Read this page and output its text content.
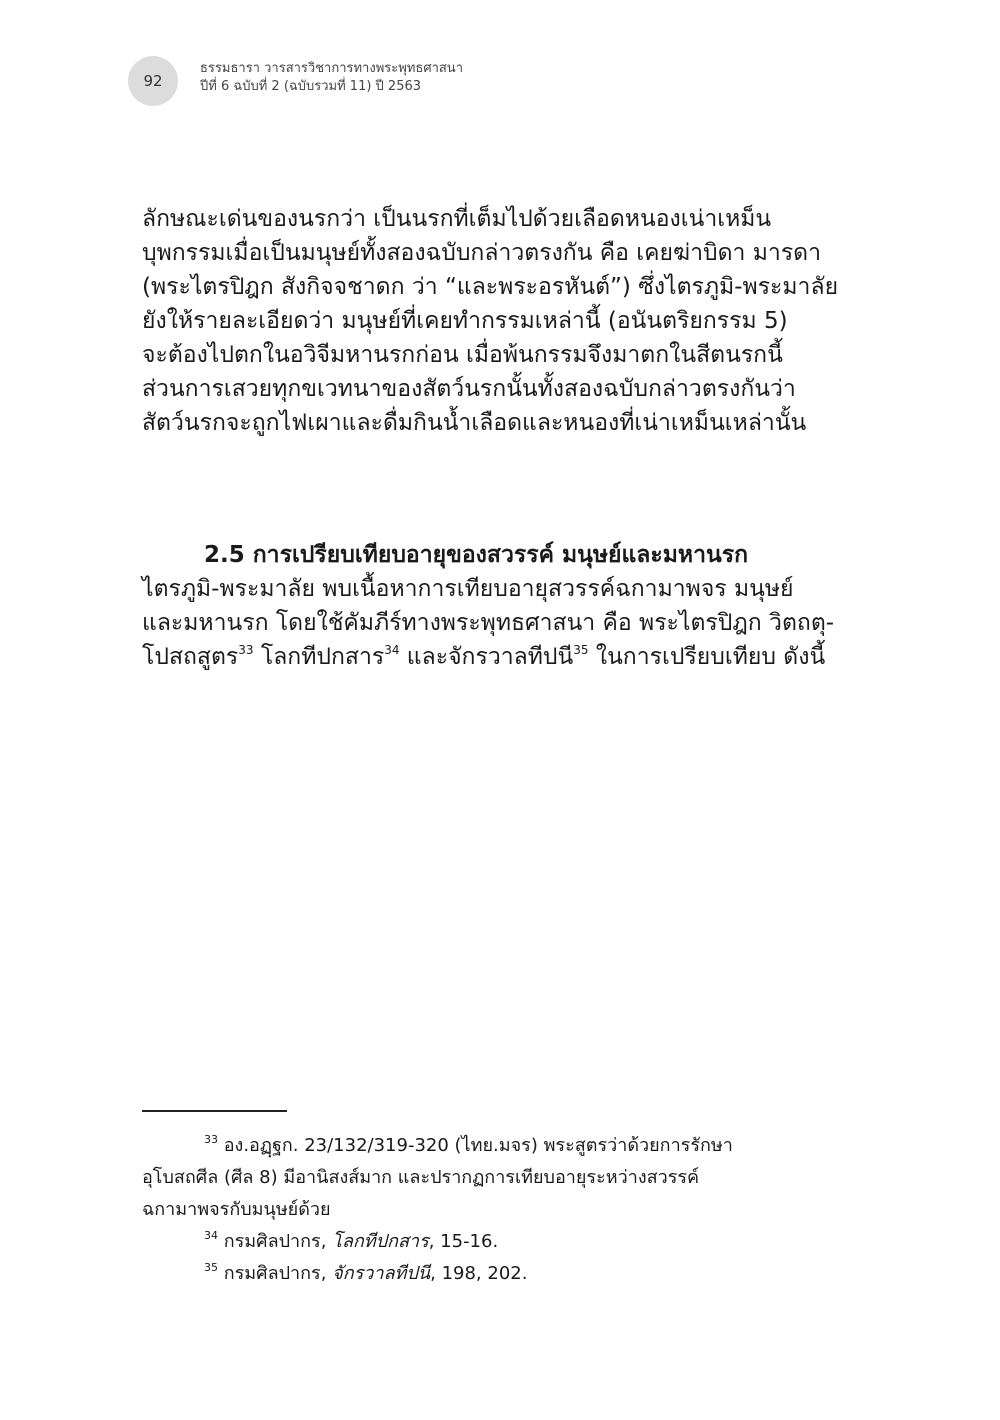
92
ธรรมธารา วารสารวิชาการทางพระพุทธศาสนา
ปีที่ 6 ฉบับที่ 2 (ฉบับรวมที่ 11) ปี 2563
ลักษณะเด่นของนรกว่า เป็นนรกที่เต็มไปด้วยเลือดหนองเน่าเหม็น
บุพกรรมเมื่อเป็นมนุษย์ทั้งสองฉบับกล่าวตรงกัน คือ เคยฆ่าบิดา มารดา
(พระไตรปิฎก สังกิจจชาดก ว่า “และพระอรหันต์”) ซึ่งไตรภูมิ-พระมาลัย
ยังให้รายละเอียดว่า มนุษย์ที่เคยทำกรรมเหล่านี้ (อนันตริยกรรม 5)
จะต้องไปตกในอวิจีมหานรกก่อน เมื่อพ้นกรรมจึงมาตกในสีตนรกนี้
ส่วนการเสวยทุกขเวทนาของสัตว์นรกนั้นทั้งสองฉบับกล่าวตรงกันว่า
สัตว์นรกจะถูกไฟเผาและดื่มกินน้ำเลือดและหนองที่เน่าเหม็นเหล่านั้น
2.5 การเปรียบเทียบอายุของสวรรค์ มนุษย์และมหานรก
ไตรภูมิ-พระมาลัย พบเนื้อหาการเทียบอายุสวรรค์ฉกามาพจร มนุษย์
และมหานรก โดยใช้คัมภีร์ทางพระพุทธศาสนา คือ พระไตรปิฎก วิตถตุ-
โปสถสูตร$^{33}$ โลกทีปกสาร$^{34}$ และจักรวาลทีปนี$^{35}$ ในการเปรียบเทียบ ดังนี้
$^{33}$ อง.อฏฺฐก. 23/132/319-320 (ไทย.มจร) พระสูตรว่าด้วยการรักษา
อุโบสถศีล (ศีล 8) มีอานิสงส์มาก และปรากฏการเทียบอายุระหว่างสวรรค์
ฉกามาพจรกับมนุษย์ด้วย
$^{34}$ กรมศิลปากร, โลกทีปกสาร, 15-16.
$^{35}$ กรมศิลปากร, จักรวาลทีปนี, 198, 202.
